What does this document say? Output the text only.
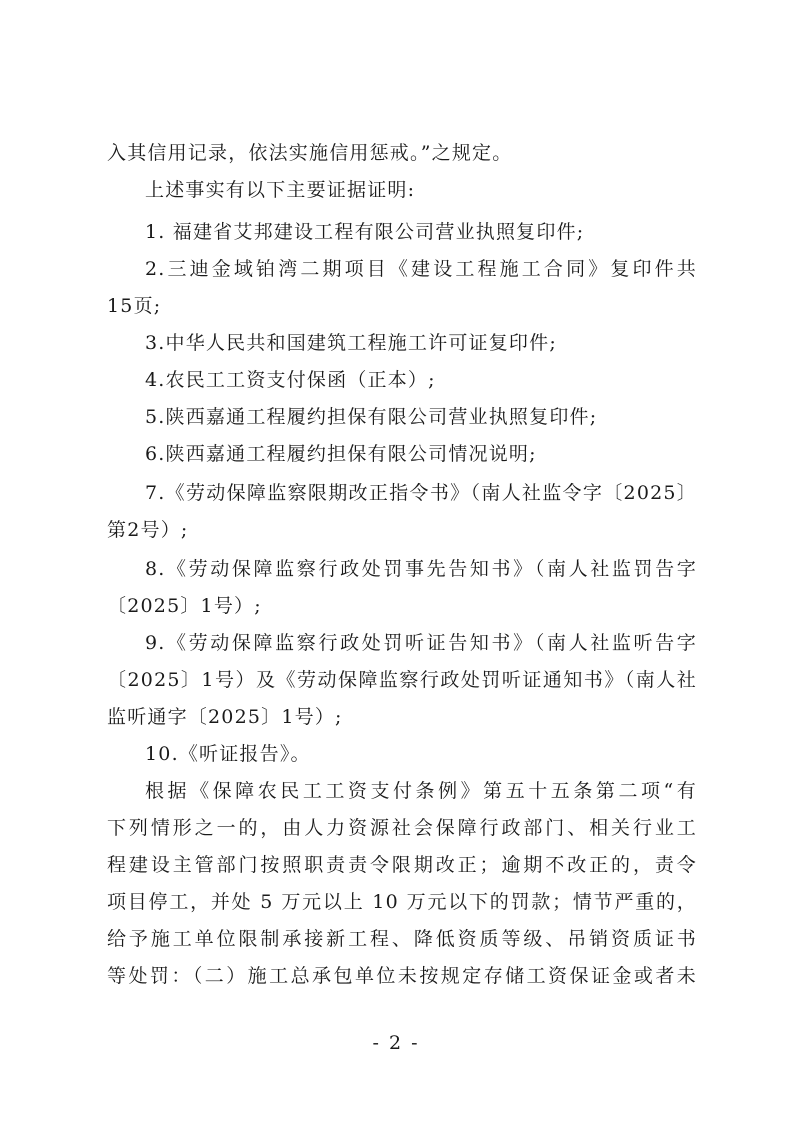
入其信用记录，依法实施信用惩戒。”之规定。
上述事实有以下主要证据证明:
1. 福建省艾邦建设工程有限公司营业执照复印件;
2.三迪金域铂湾二期项目《建设工程施工合同》复印件共
15页;
3.中华人民共和国建筑工程施工许可证复印件;
4.农民工工资支付保函（正本）;
5.陕西嘉通工程履约担保有限公司营业执照复印件;
6.陕西嘉通工程履约担保有限公司情况说明;
7.《劳动保障监察限期改正指令书》（南人社监令字〔2025〕
第2号）;
8.《劳动保障监察行政处罚事先告知书》（南人社监罚告字
〔2025〕1号）;
9.《劳动保障监察行政处罚听证告知书》（南人社监听告字
〔2025〕1号）及《劳动保障监察行政处罚听证通知书》（南人社
监听通字〔2025〕1号）;
10.《听证报告》。
根据《保障农民工工资支付条例》第五十五条第二项“有
下列情形之一的，由人力资源社会保障行政部门、相关行业工
程建设主管部门按照职责责令限期改正；逾期不改正的，责令
项目停工，并处 5 万元以上 10 万元以下的罚款；情节严重的，
给予施工单位限制承接新工程、降低资质等级、吊销资质证书
等处罚：（二）施工总承包单位未按规定存储工资保证金或者未
- 2 -
